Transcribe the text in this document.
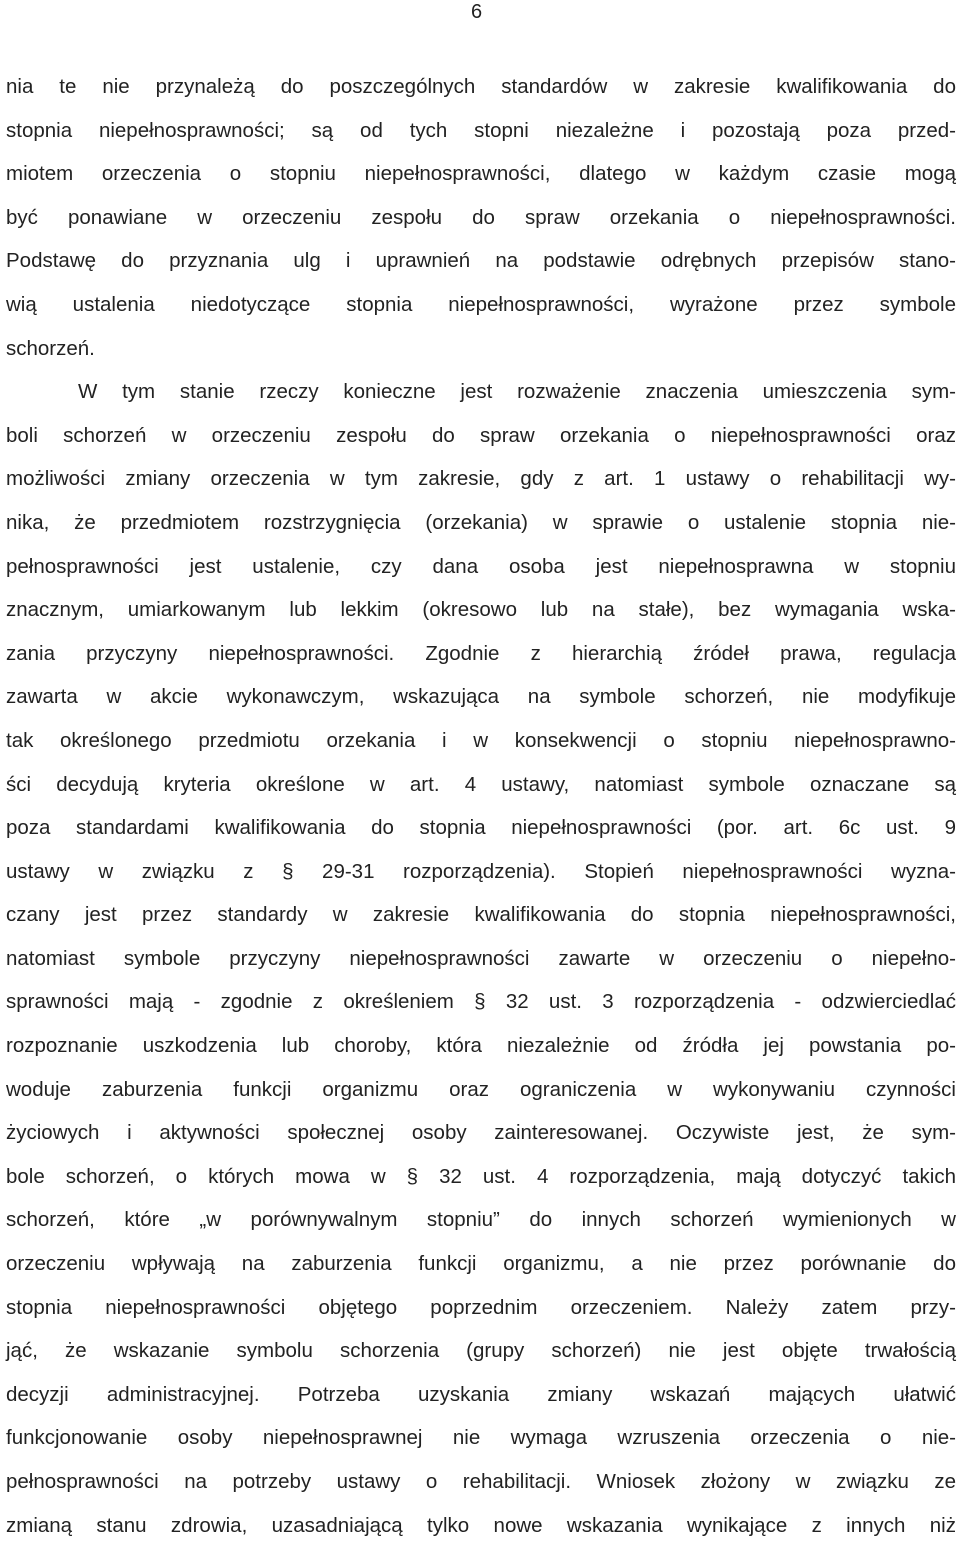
6
nia te nie przynależą do poszczególnych standardów w zakresie kwalifikowania do
stopnia niepełnosprawności; są od tych stopni niezależne i pozostają poza przed-
miotem orzeczenia o stopniu niepełnosprawności, dlatego w każdym czasie mogą
być ponawiane w orzeczeniu zespołu do spraw orzekania o niepełnosprawności.
Podstawę do przyznania ulg i uprawnień na podstawie odrębnych przepisów stano-
wią ustalenia niedotyczące stopnia niepełnosprawności, wyrażone przez symbole
schorzeń.
W tym stanie rzeczy konieczne jest rozważenie znaczenia umieszczenia sym-
boli schorzeń w orzeczeniu zespołu do spraw orzekania o niepełnosprawności oraz
możliwości zmiany orzeczenia w tym zakresie, gdy z art. 1 ustawy o rehabilitacji wy-
nika, że przedmiotem rozstrzygnięcia (orzekania) w sprawie o ustalenie stopnia nie-
pełnosprawności jest ustalenie, czy dana osoba jest niepełnosprawna w stopniu
znacznym, umiarkowanym lub lekkim (okresowo lub na stałe), bez wymagania wska-
zania przyczyny niepełnosprawności. Zgodnie z hierarchią źródeł prawa, regulacja
zawarta w akcie wykonawczym, wskazująca na symbole schorzeń, nie modyfikuje
tak określonego przedmiotu orzekania i w konsekwencji o stopniu niepełnosprawno-
ści decydują kryteria określone w art. 4 ustawy, natomiast symbole oznaczane są
poza standardami kwalifikowania do stopnia niepełnosprawności (por. art. 6c ust. 9
ustawy w związku z § 29-31 rozporządzenia). Stopień niepełnosprawności wyzna-
czany jest przez standardy w zakresie kwalifikowania do stopnia niepełnosprawności,
natomiast symbole przyczyny niepełnosprawności zawarte w orzeczeniu o niepełno-
sprawności mają - zgodnie z określeniem § 32 ust. 3 rozporządzenia - odzwierciedlać
rozpoznanie uszkodzenia lub choroby, która niezależnie od źródła jej powstania po-
woduje zaburzenia funkcji organizmu oraz ograniczenia w wykonywaniu czynności
życiowych i aktywności społecznej osoby zainteresowanej. Oczywiste jest, że sym-
bole schorzeń, o których mowa w § 32 ust. 4 rozporządzenia, mają dotyczyć takich
schorzeń, które „w porównywalnym stopniu” do innych schorzeń wymienionych w
orzeczeniu wpływają na zaburzenia funkcji organizmu, a nie przez porównanie do
stopnia niepełnosprawności objętego poprzednim orzeczeniem. Należy zatem przy-
jąć, że wskazanie symbolu schorzenia (grupy schorzeń) nie jest objęte trwałością
decyzji administracyjnej. Potrzeba uzyskania zmiany wskazań mających ułatwić
funkcjonowanie osoby niepełnosprawnej nie wymaga wzruszenia orzeczenia o nie-
pełnosprawności na potrzeby ustawy o rehabilitacji. Wniosek złożony w związku ze
zmianą stanu zdrowia, uzasadniającą tylko nowe wskazania wynikające z innych niż
